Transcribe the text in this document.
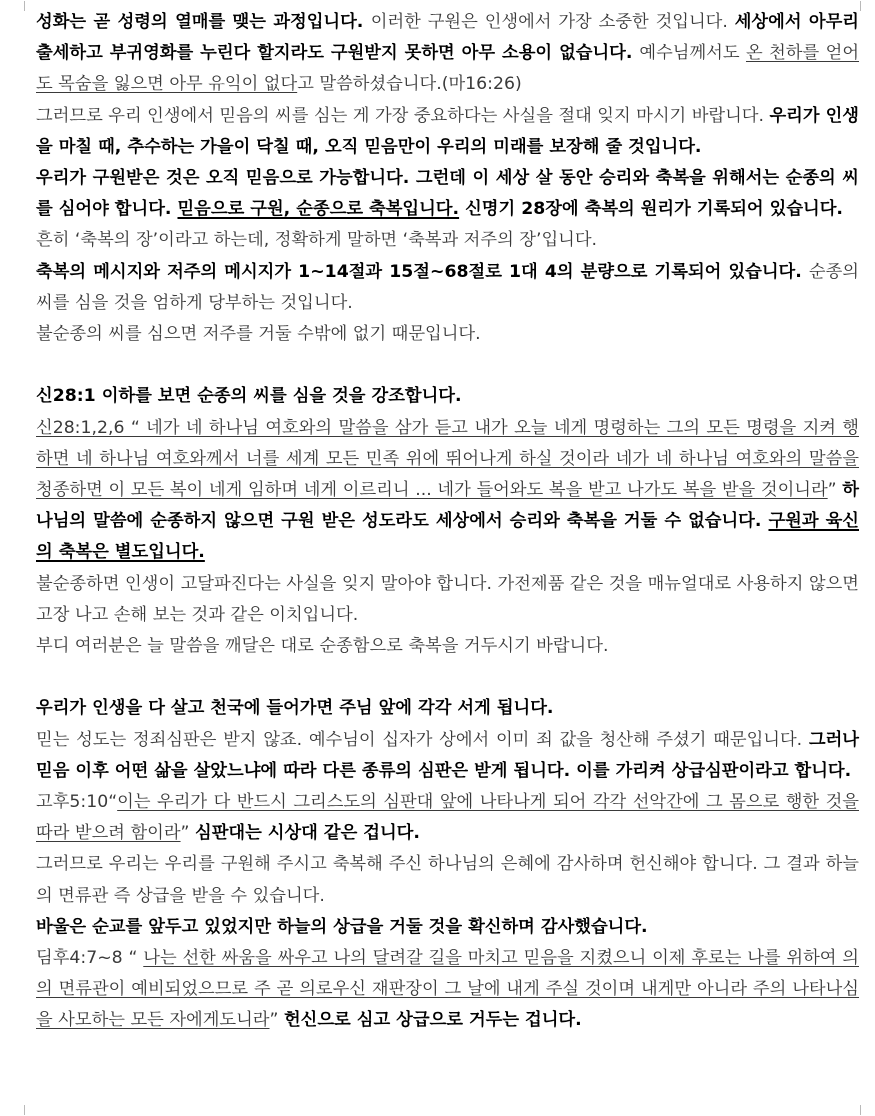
성화는 곧 성령의 열매를 맺는 과정입니다. 이러한 구원은 인생에서 가장 소중한 것입니다. 세상에서 아무리 출세하고 부귀영화를 누린다 할지라도 구원받지 못하면 아무 소용이 없습니다. 예수님께서도 온 천하를 얻어도 목숨을 잃으면 아무 유익이 없다고 말씀하셨습니다.(마16:26)

그러므로 우리 인생에서 믿음의 씨를 심는 게 가장 중요하다는 사실을 절대 잊지 마시기 바랍니다. 우리가 인생을 마칠 때, 추수하는 가을이 닥칠 때, 오직 믿음만이 우리의 미래를 보장해 줄 것입니다.

우리가 구원받은 것은 오직 믿음으로 가능합니다. 그런데 이 세상 살 동안 승리와 축복을 위해서는 순종의 씨를 심어야 합니다. 믿음으로 구원, 순종으로 축복입니다. 신명기 28장에 축복의 원리가 기록되어 있습니다.

흔히 ‘축복의 장’이라고 하는데, 정확하게 말하면 ‘축복과 저주의 장’입니다.

축복의 메시지와 저주의 메시지가 1~14절과 15절~68절로 1대 4의 분량으로 기록되어 있습니다. 순종의 씨를 심을 것을 엄하게 당부하는 것입니다.

불순종의 씨를 심으면 저주를 거둘 수밖에 없기 때문입니다.

신28:1 이하를 보면 순종의 씨를 심을 것을 강조합니다.

신28:1,2,6 “ 네가 네 하나님 여호와의 말씀을 삼가 듣고 내가 오늘 네게 명령하는 그의 모든 명령을 지켜 행하면 네 하나님 여호와께서 너를 세계 모든 민족 위에 뛰어나게 하실 것이라 네가 네 하나님 여호와의 말씀을 청종하면 이 모든 복이 네게 임하며 네게 이르리니 ... 네가 들어와도 복을 받고 나가도 복을 받을 것이니라” 하나님의 말씀에 순종하지 않으면 구원 받은 성도라도 세상에서 승리와 축복을 거둘 수 없습니다. 구원과 육신의 축복은 별도입니다.

불순종하면 인생이 고달파진다는 사실을 잊지 말아야 합니다. 가전제품 같은 것을 매뉴얼대로 사용하지 않으면 고장 나고 손해 보는 것과 같은 이치입니다.

부디 여러분은 늘 말씀을 깨달은 대로 순종함으로 축복을 거두시기 바랍니다.

우리가 인생을 다 살고 천국에 들어가면 주님 앞에 각각 서게 됩니다.

믿는 성도는 정죄심판은 받지 않죠. 예수님이 십자가 상에서 이미 죄 값을 청산해 주셨기 때문입니다. 그러나 믿음 이후 어떤 삶을 살았느냐에 따라 다른 종류의 심판은 받게 됩니다. 이를 가리켜 상급심판이라고 합니다.

고후5:10“이는 우리가 다 반드시 그리스도의 심판대 앞에 나타나게 되어 각각 선악간에 그 몸으로 행한 것을 따라 받으려 함이라” 심판대는 시상대 같은 겁니다.

그러므로 우리는 우리를 구원해 주시고 축복해 주신 하나님의 은혜에 감사하며 헌신해야 합니다. 그 결과 하늘의 면류관 즉 상급을 받을 수 있습니다.

바울은 순교를 앞두고 있었지만 하늘의 상급을 거둘 것을 확신하며 감사했습니다.

딤후4:7~8 “ 나는 선한 싸움을 싸우고 나의 달려갈 길을 마치고 믿음을 지켰으니 이제 후로는 나를 위하여 의의 면류관이 예비되었으므로 주 곧 의로우신 재판장이 그 날에 내게 주실 것이며 내게만 아니라 주의 나타나심을 사모하는 모든 자에게도니라” 헌신으로 심고 상급으로 거두는 겁니다.
